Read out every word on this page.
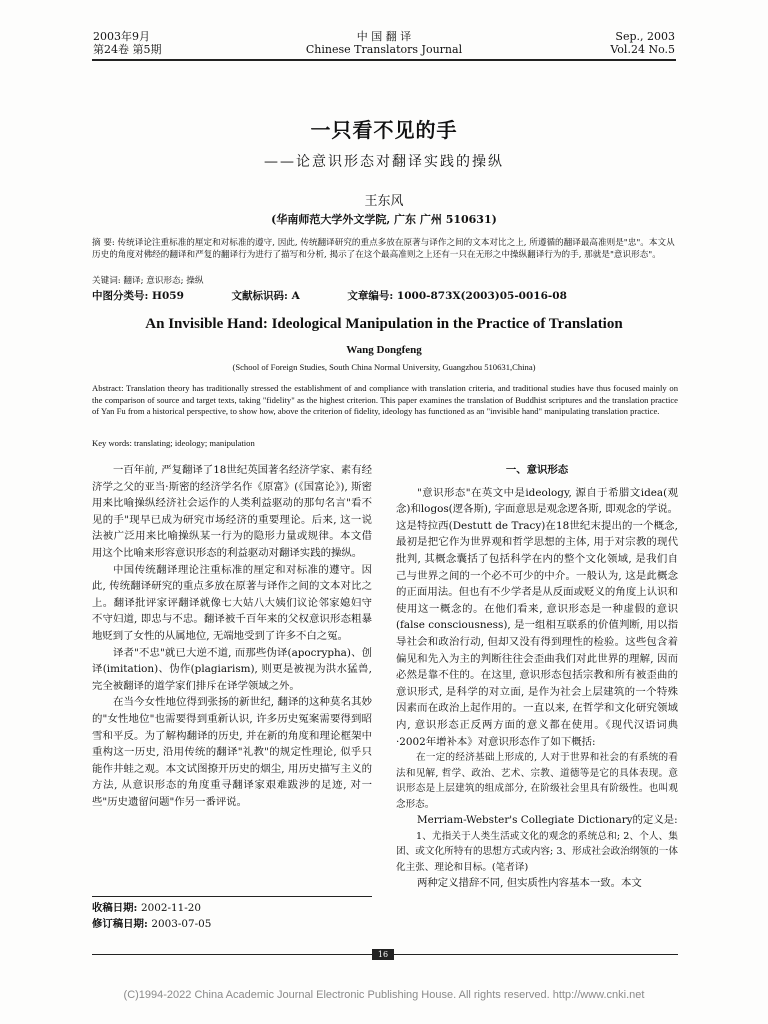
2003年9月
第24卷 第5期
中 国 翻 译
Chinese Translators Journal
Sep., 2003
Vol.24 No.5
一只看不见的手
——论意识形态对翻译实践的操纵
王东风
(华南师范大学外文学院, 广东 广州 510631)
摘 要: 传统译论注重标准的厘定和对标准的遵守, 因此, 传统翻译研究的重点多放在原著与译作之间的文本对比之上, 所遵循的翻译最高准则是"忠"。本文从历史的角度对佛经的翻译和严复的翻译行为进行了描写和分析, 揭示了在这个最高准则之上还有一只在无形之中操纵翻译行为的手, 那就是"意识形态"。
关键词: 翻译; 意识形态; 操纵
中图分类号: H059	文献标识码: A	文章编号: 1000-873X(2003)05-0016-08
An Invisible Hand: Ideological Manipulation in the Practice of Translation
Wang Dongfeng
(School of Foreign Studies, South China Normal University, Guangzhou 510631,China)
Abstract: Translation theory has traditionally stressed the establishment of and compliance with translation criteria, and traditional studies have thus focused mainly on the comparison of source and target texts, taking "fidelity" as the highest criterion. This paper examines the translation of Buddhist scriptures and the translation practice of Yan Fu from a historical perspective, to show how, above the criterion of fidelity, ideology has functioned as an "invisible hand" manipulating translation practice.
Key words: translating; ideology; manipulation

一百年前, 严复翻译了18世纪英国著名经济学家、素有经济学之父的亚当·斯密的经济学名作《原富》(《国富论》), 斯密用来比喻操纵经济社会运作的人类利益驱动的那句名言"看不见的手"现早已成为研究市场经济的重要理论。后来, 这一说法被广泛用来比喻操纵某一行为的隐形力量或规律。本文借用这个比喻来形容意识形态的利益驱动对翻译实践的操纵。

中国传统翻译理论注重标准的厘定和对标准的遵守。因此, 传统翻译研究的重点多放在原著与译作之间的文本对比之上。翻译批评家评翻译就像七大姑八大姨们议论邻家媳妇守不守妇道, 即忠与不忠。翻译被千百年来的父权意识形态粗暴地贬到了女性的从属地位, 无端地受到了许多不白之冤。

译者"不忠"就已大逆不道, 而那些伪译(apocrypha)、创译(imitation)、伪作(plagiarism), 则更是被视为洪水猛兽, 完全被翻译的道学家们排斥在译学领域之外。

在当今女性地位得到张扬的新世纪, 翻译的这种莫名其妙的"女性地位"也需要得到重新认识, 许多历史冤案需要得到昭雪和平反。为了解构翻译的历史, 并在新的角度和理论框架中重构这一历史, 沿用传统的翻译"礼教"的规定性理论, 似乎只能作井蛙之观。本文试图撩开历史的烟尘, 用历史描写主义的方法, 从意识形态的角度重寻翻译家艰难跋涉的足迹, 对一些"历史遗留问题"作另一番评说。

一、意识形态

"意识形态"在英文中是ideology, 源自于希腊文idea(观念)和logos(逻各斯), 字面意思是观念逻各斯, 即观念的学说。这是特拉西(Destutt de Tracy)在18世纪末提出的一个概念, 最初是把它作为世界观和哲学思想的主体, 用于对宗教的现代批判, 其概念囊括了包括科学在内的整个文化领域, 是我们自己与世界之间的一个必不可少的中介。一般认为, 这是此概念的正面用法。但也有不少学者是从反面或贬义的角度上认识和使用这一概念的。在他们看来, 意识形态是一种虚假的意识(false consciousness), 是一组相互联系的价值判断, 用以指导社会和政治行动, 但却又没有得到理性的检验。这些包含着偏见和先入为主的判断往往会歪曲我们对此世界的理解, 因而必然是靠不住的。在这里, 意识形态包括宗教和所有被歪曲的意识形式, 是科学的对立面, 是作为社会上层建筑的一个特殊因素而在政治上起作用的。一直以来, 在哲学和文化研究领域内, 意识形态正反两方面的意义都在使用。《现代汉语词典·2002年增补本》对意识形态作了如下概括:

在一定的经济基础上形成的, 人对于世界和社会的有系统的看法和见解, 哲学、政治、艺术、宗教、道德等是它的具体表现。意识形态是上层建筑的组成部分, 在阶级社会里具有阶级性。也叫观念形态。

Merriam-Webster's Collegiate Dictionary的定义是:

1、尤指关于人类生活或文化的观念的系统总和; 2、个人、集团、或文化所特有的思想方式或内容; 3、形成社会政治纲领的一体化主张、理论和目标。(笔者译)

两种定义措辞不同, 但实质性内容基本一致。本文

收稿日期: 2002-11-20
修订稿日期: 2003-07-05
16
(C)1994-2022 China Academic Journal Electronic Publishing House. All rights reserved. http://www.cnki.net
